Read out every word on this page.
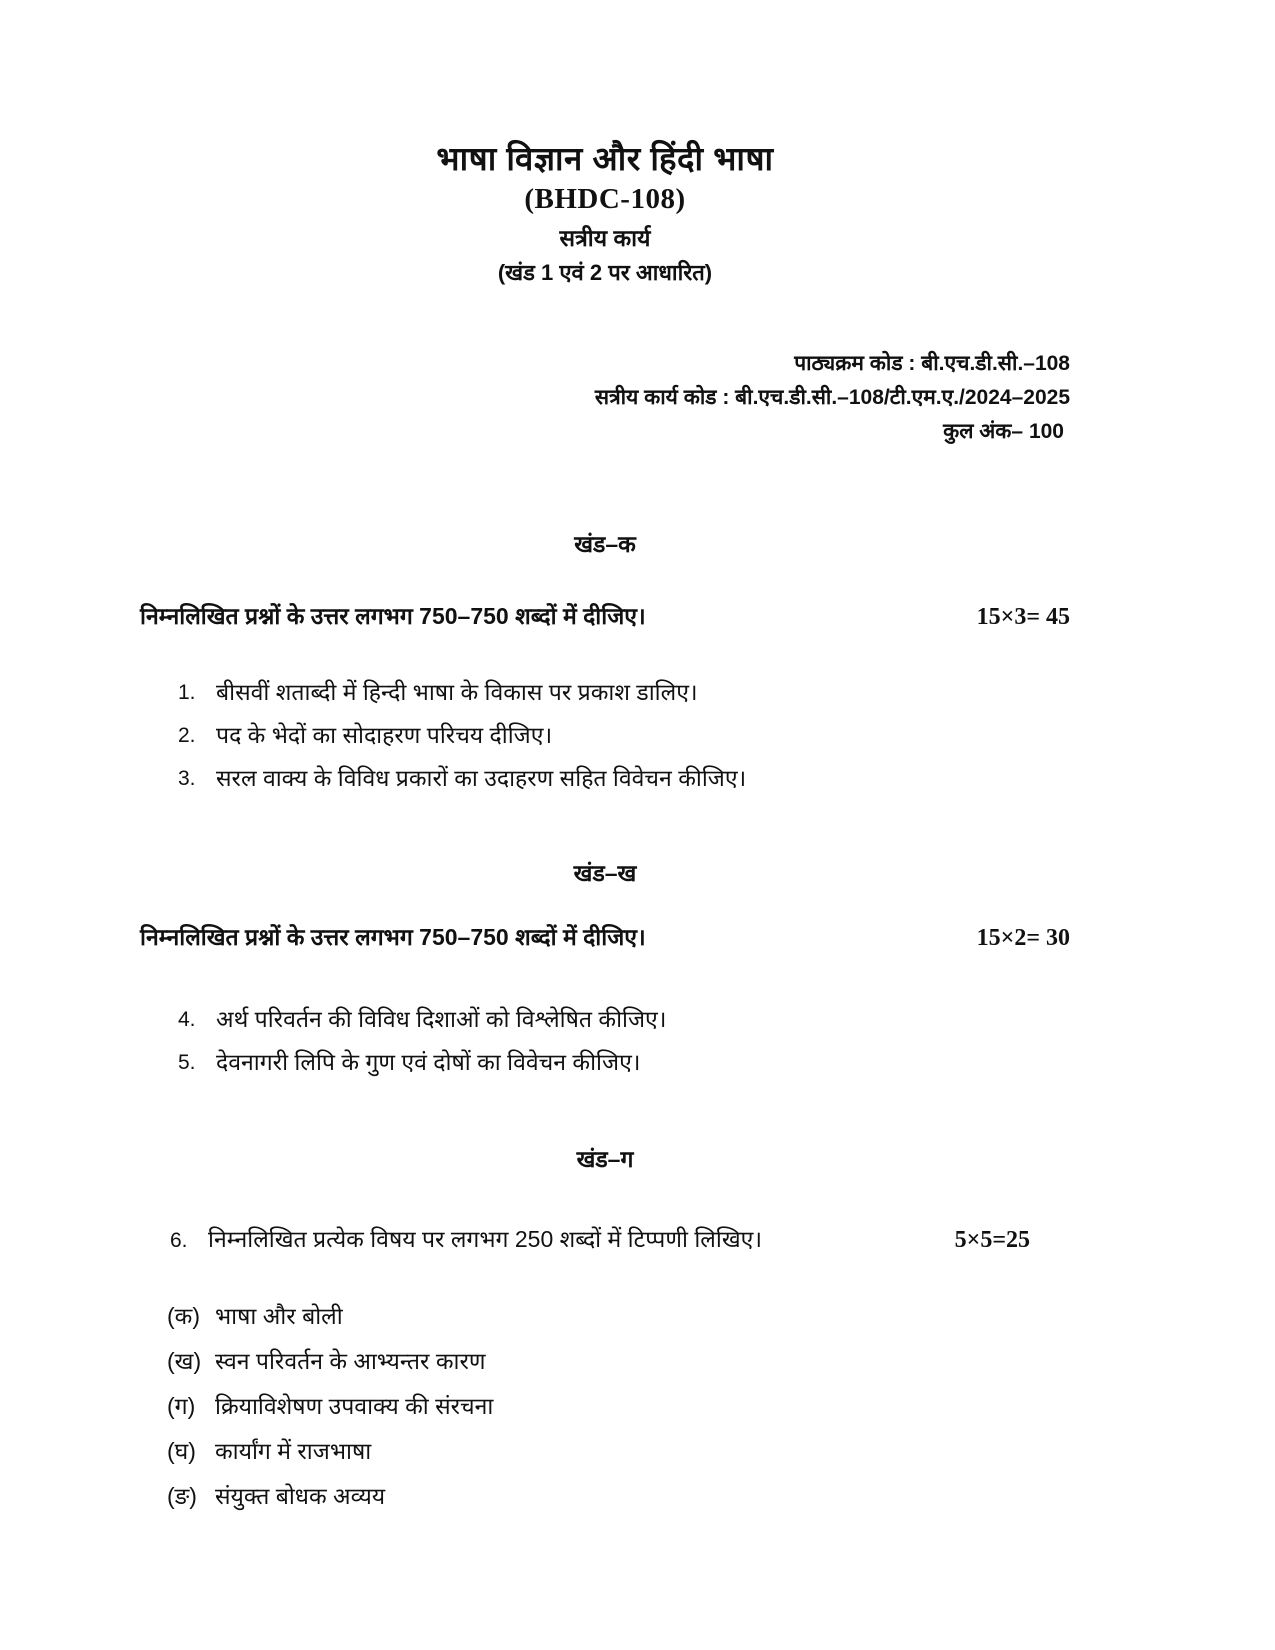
भाषा विज्ञान और हिंदी भाषा
(BHDC-108)
सत्रीय कार्य
(खंड 1 एवं 2 पर आधारित)
पाठ्यक्रम कोड : बी.एच.डी.सी.–108
सत्रीय कार्य कोड : बी.एच.डी.सी.–108/टी.एम.ए./2024–2025
कुल अंक– 100
खंड–क
निम्नलिखित प्रश्नों के उत्तर लगभग 750–750 शब्दों में दीजिए।	15×3= 45
1. बीसवीं शताब्दी में हिन्दी भाषा के विकास पर प्रकाश डालिए।
2. पद के भेदों का सोदाहरण परिचय दीजिए।
3. सरल वाक्य के विविध प्रकारों का उदाहरण सहित विवेचन कीजिए।
खंड–ख
निम्नलिखित प्रश्नों के उत्तर लगभग 750–750 शब्दों में दीजिए।	15×2= 30
4. अर्थ परिवर्तन की विविध दिशाओं को विश्लेषित कीजिए।
5. देवनागरी लिपि के गुण एवं दोषों का विवेचन कीजिए।
खंड–ग
6. निम्नलिखित प्रत्येक विषय पर लगभग 250 शब्दों में टिप्पणी लिखिए।	5×5=25
(क) भाषा और बोली
(ख) स्वन परिवर्तन के आभ्यन्तर कारण
(ग) क्रियाविशेषण उपवाक्य की संरचना
(घ) कार्यांग में राजभाषा
(ङ) संयुक्त बोधक अव्यय
